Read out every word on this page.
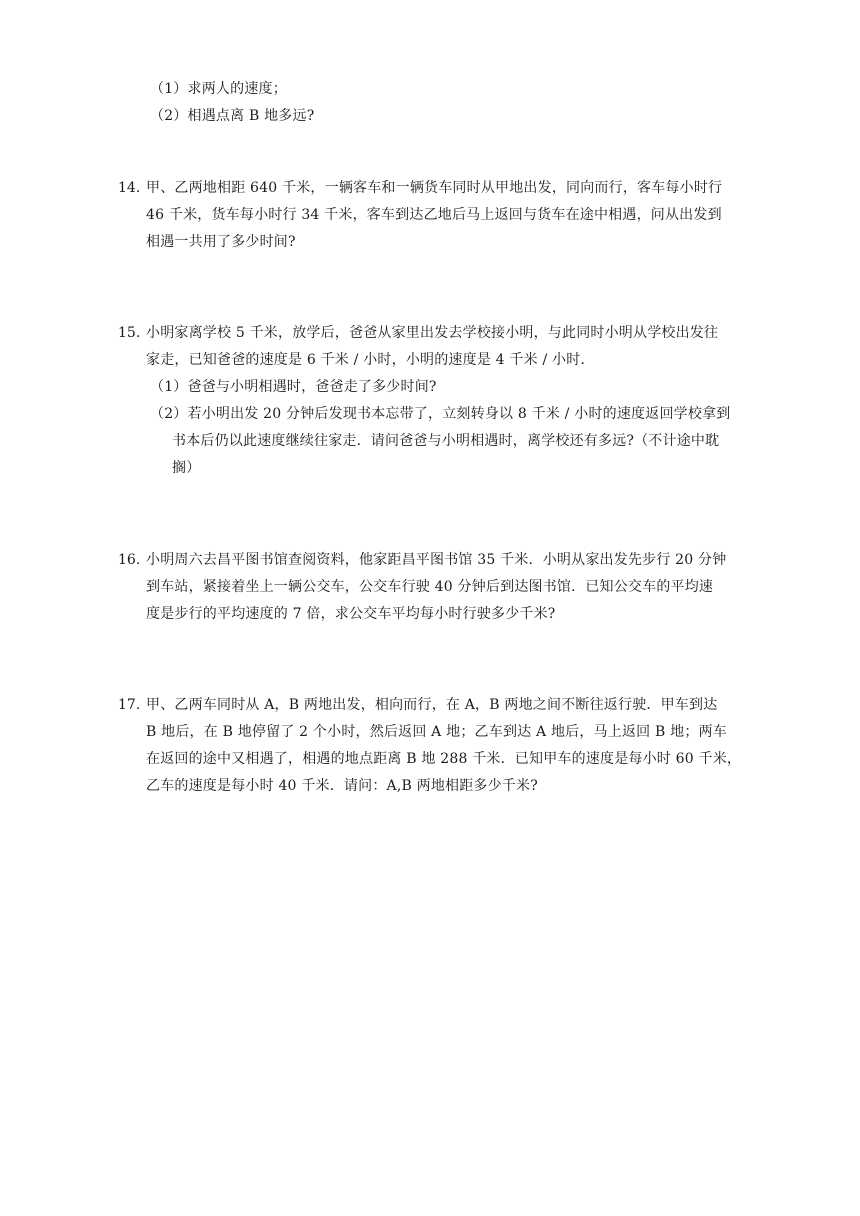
（1）求两人的速度；
（2）相遇点离 B 地多远?
14. 甲、乙两地相距 640 千米，一辆客车和一辆货车同时从甲地出发，同向而行，客车每小时行
46 千米，货车每小时行 34 千米，客车到达乙地后马上返回与货车在途中相遇，问从出发到
相遇一共用了多少时间?
15. 小明家离学校 5 千米，放学后，爸爸从家里出发去学校接小明，与此同时小明从学校出发往
家走，已知爸爸的速度是 6 千米 / 小时，小明的速度是 4 千米 / 小时．
（1）爸爸与小明相遇时，爸爸走了多少时间?
（2）若小明出发 20 分钟后发现书本忘带了，立刻转身以 8 千米 / 小时的速度返回学校拿到
书本后仍以此速度继续往家走．请问爸爸与小明相遇时，离学校还有多远?（不计途中耽
搁）
16. 小明周六去昌平图书馆查阅资料，他家距昌平图书馆 35 千米．小明从家出发先步行 20 分钟
到车站，紧接着坐上一辆公交车，公交车行驶 40 分钟后到达图书馆．已知公交车的平均速
度是步行的平均速度的 7 倍，求公交车平均每小时行驶多少千米?
17. 甲、乙两车同时从 A，B 两地出发，相向而行，在 A，B 两地之间不断往返行驶．甲车到达
B 地后，在 B 地停留了 2 个小时，然后返回 A 地；乙车到达 A 地后，马上返回 B 地；两车
在返回的途中又相遇了，相遇的地点距离 B 地 288 千米．已知甲车的速度是每小时 60 千米，
乙车的速度是每小时 40 千米．请问：A,B 两地相距多少千米?
